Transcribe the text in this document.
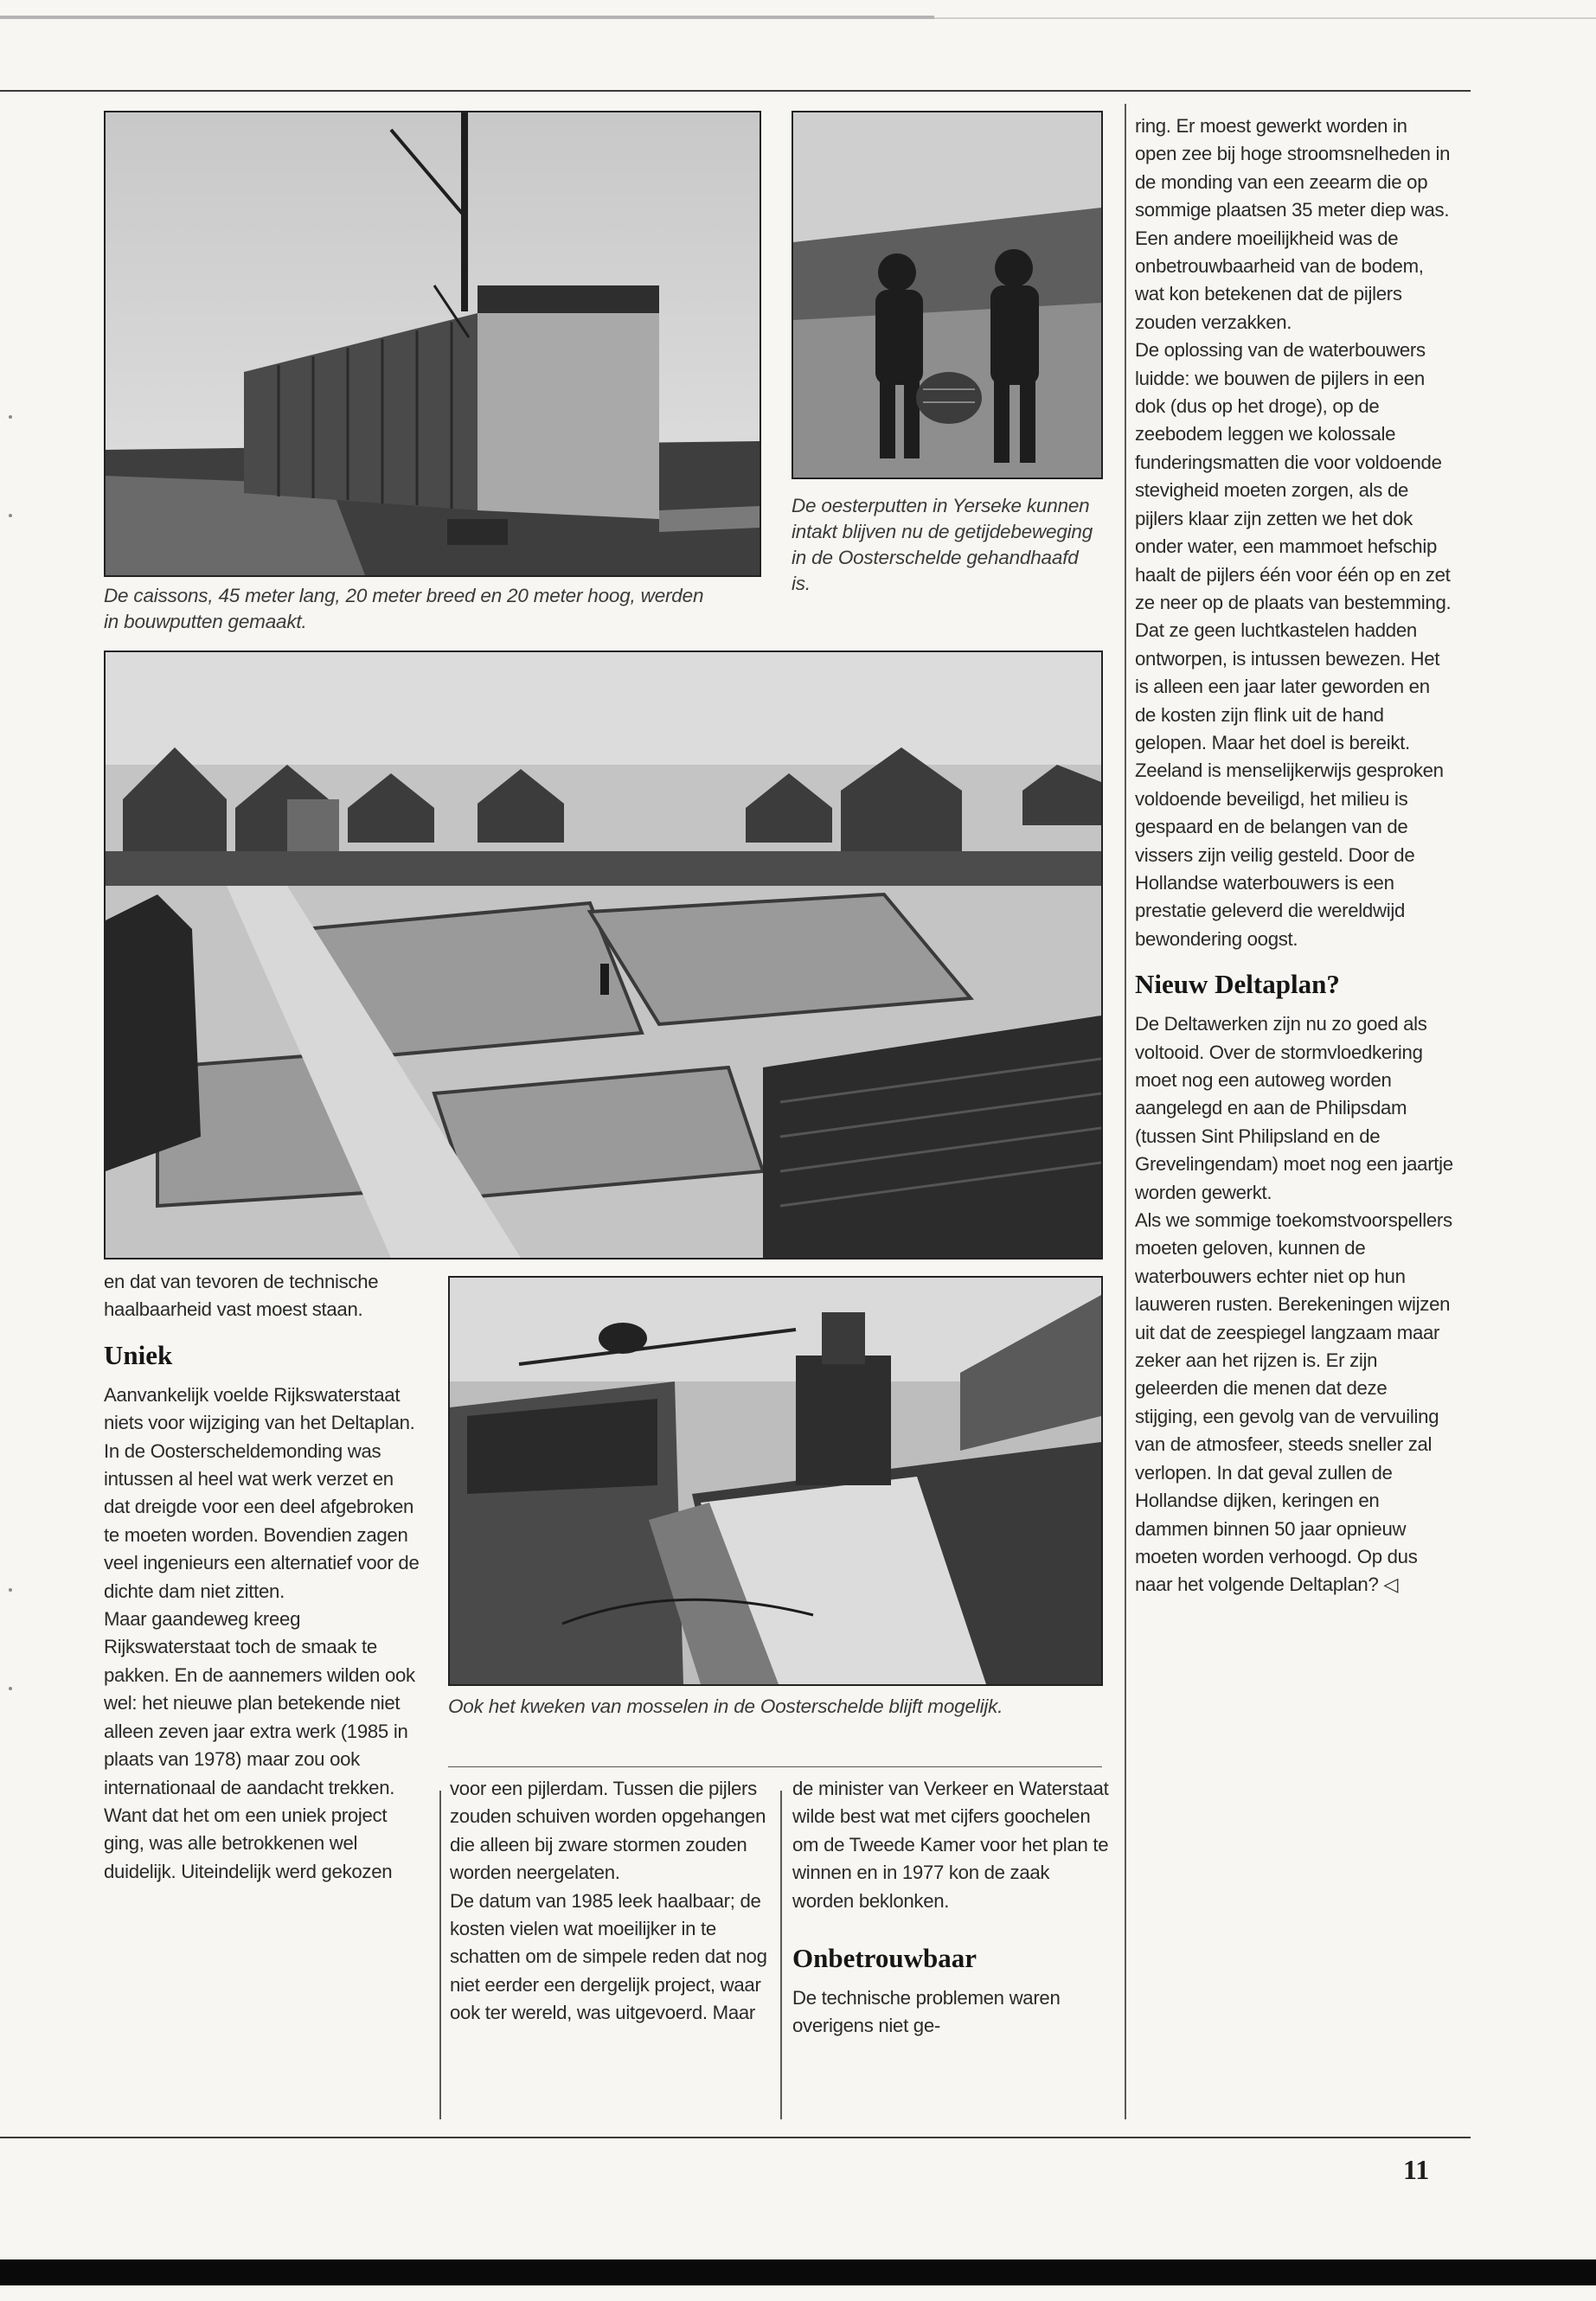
De caissons, 45 meter lang, 20 meter breed en 20 meter hoog, werden in bouwputten gemaakt.
De oesterputten in Yerseke kunnen intakt blijven nu de getijdebeweging in de Oosterschelde gehandhaafd is.
Ook het kweken van mosselen in de Oosterschelde blijft mogelijk.

en dat van tevoren de technische haalbaarheid vast moest staan.

Uniek

Aanvankelijk voelde Rijkswaterstaat niets voor wijziging van het Deltaplan. In de Oosterscheldemonding was intussen al heel wat werk verzet en dat dreigde voor een deel afgebroken te moeten worden. Bovendien zagen veel ingenieurs een alternatief voor de dichte dam niet zitten.

Maar gaandeweg kreeg Rijkswaterstaat toch de smaak te pakken. En de aannemers wilden ook wel: het nieuwe plan betekende niet alleen zeven jaar extra werk (1985 in plaats van 1978) maar zou ook internationaal de aandacht trekken. Want dat het om een uniek project ging, was alle betrokkenen wel duidelijk. Uiteindelijk werd gekozen

voor een pijlerdam. Tussen die pijlers zouden schuiven worden opgehangen die alleen bij zware stormen zouden worden neergelaten.

De datum van 1985 leek haalbaar; de kosten vielen wat moeilijker in te schatten om de simpele reden dat nog niet eerder een dergelijk project, waar ook ter wereld, was uitgevoerd. Maar

de minister van Verkeer en Waterstaat wilde best wat met cijfers goochelen om de Tweede Kamer voor het plan te winnen en in 1977 kon de zaak worden beklonken.

Onbetrouwbaar

De technische problemen waren overigens niet ge-

ring. Er moest gewerkt worden in open zee bij hoge stroomsnelheden in de monding van een zeearm die op sommige plaatsen 35 meter diep was. Een andere moeilijkheid was de onbetrouwbaarheid van de bodem, wat kon betekenen dat de pijlers zouden verzakken.

De oplossing van de waterbouwers luidde: we bouwen de pijlers in een dok (dus op het droge), op de zeebodem leggen we kolossale funderingsmatten die voor voldoende stevigheid moeten zorgen, als de pijlers klaar zijn zetten we het dok onder water, een mammoet hefschip haalt de pijlers één voor één op en zet ze neer op de plaats van bestemming.

Dat ze geen luchtkastelen hadden ontworpen, is intussen bewezen. Het is alleen een jaar later geworden en de kosten zijn flink uit de hand gelopen. Maar het doel is bereikt. Zeeland is menselijkerwijs gesproken voldoende beveiligd, het milieu is gespaard en de belangen van de vissers zijn veilig gesteld. Door de Hollandse waterbouwers is een prestatie geleverd die wereldwijd bewondering oogst.

Nieuw Deltaplan?

De Deltawerken zijn nu zo goed als voltooid. Over de stormvloedkering moet nog een autoweg worden aangelegd en aan de Philipsdam (tussen Sint Philipsland en de Grevelingendam) moet nog een jaartje worden gewerkt.

Als we sommige toekomstvoorspellers moeten geloven, kunnen de waterbouwers echter niet op hun lauweren rusten. Berekeningen wijzen uit dat de zeespiegel langzaam maar zeker aan het rijzen is. Er zijn geleerden die menen dat deze stijging, een gevolg van de vervuiling van de atmosfeer, steeds sneller zal verlopen. In dat geval zullen de Hollandse dijken, keringen en dammen binnen 50 jaar opnieuw moeten worden verhoogd. Op dus naar het volgende Deltaplan? ◁

11
